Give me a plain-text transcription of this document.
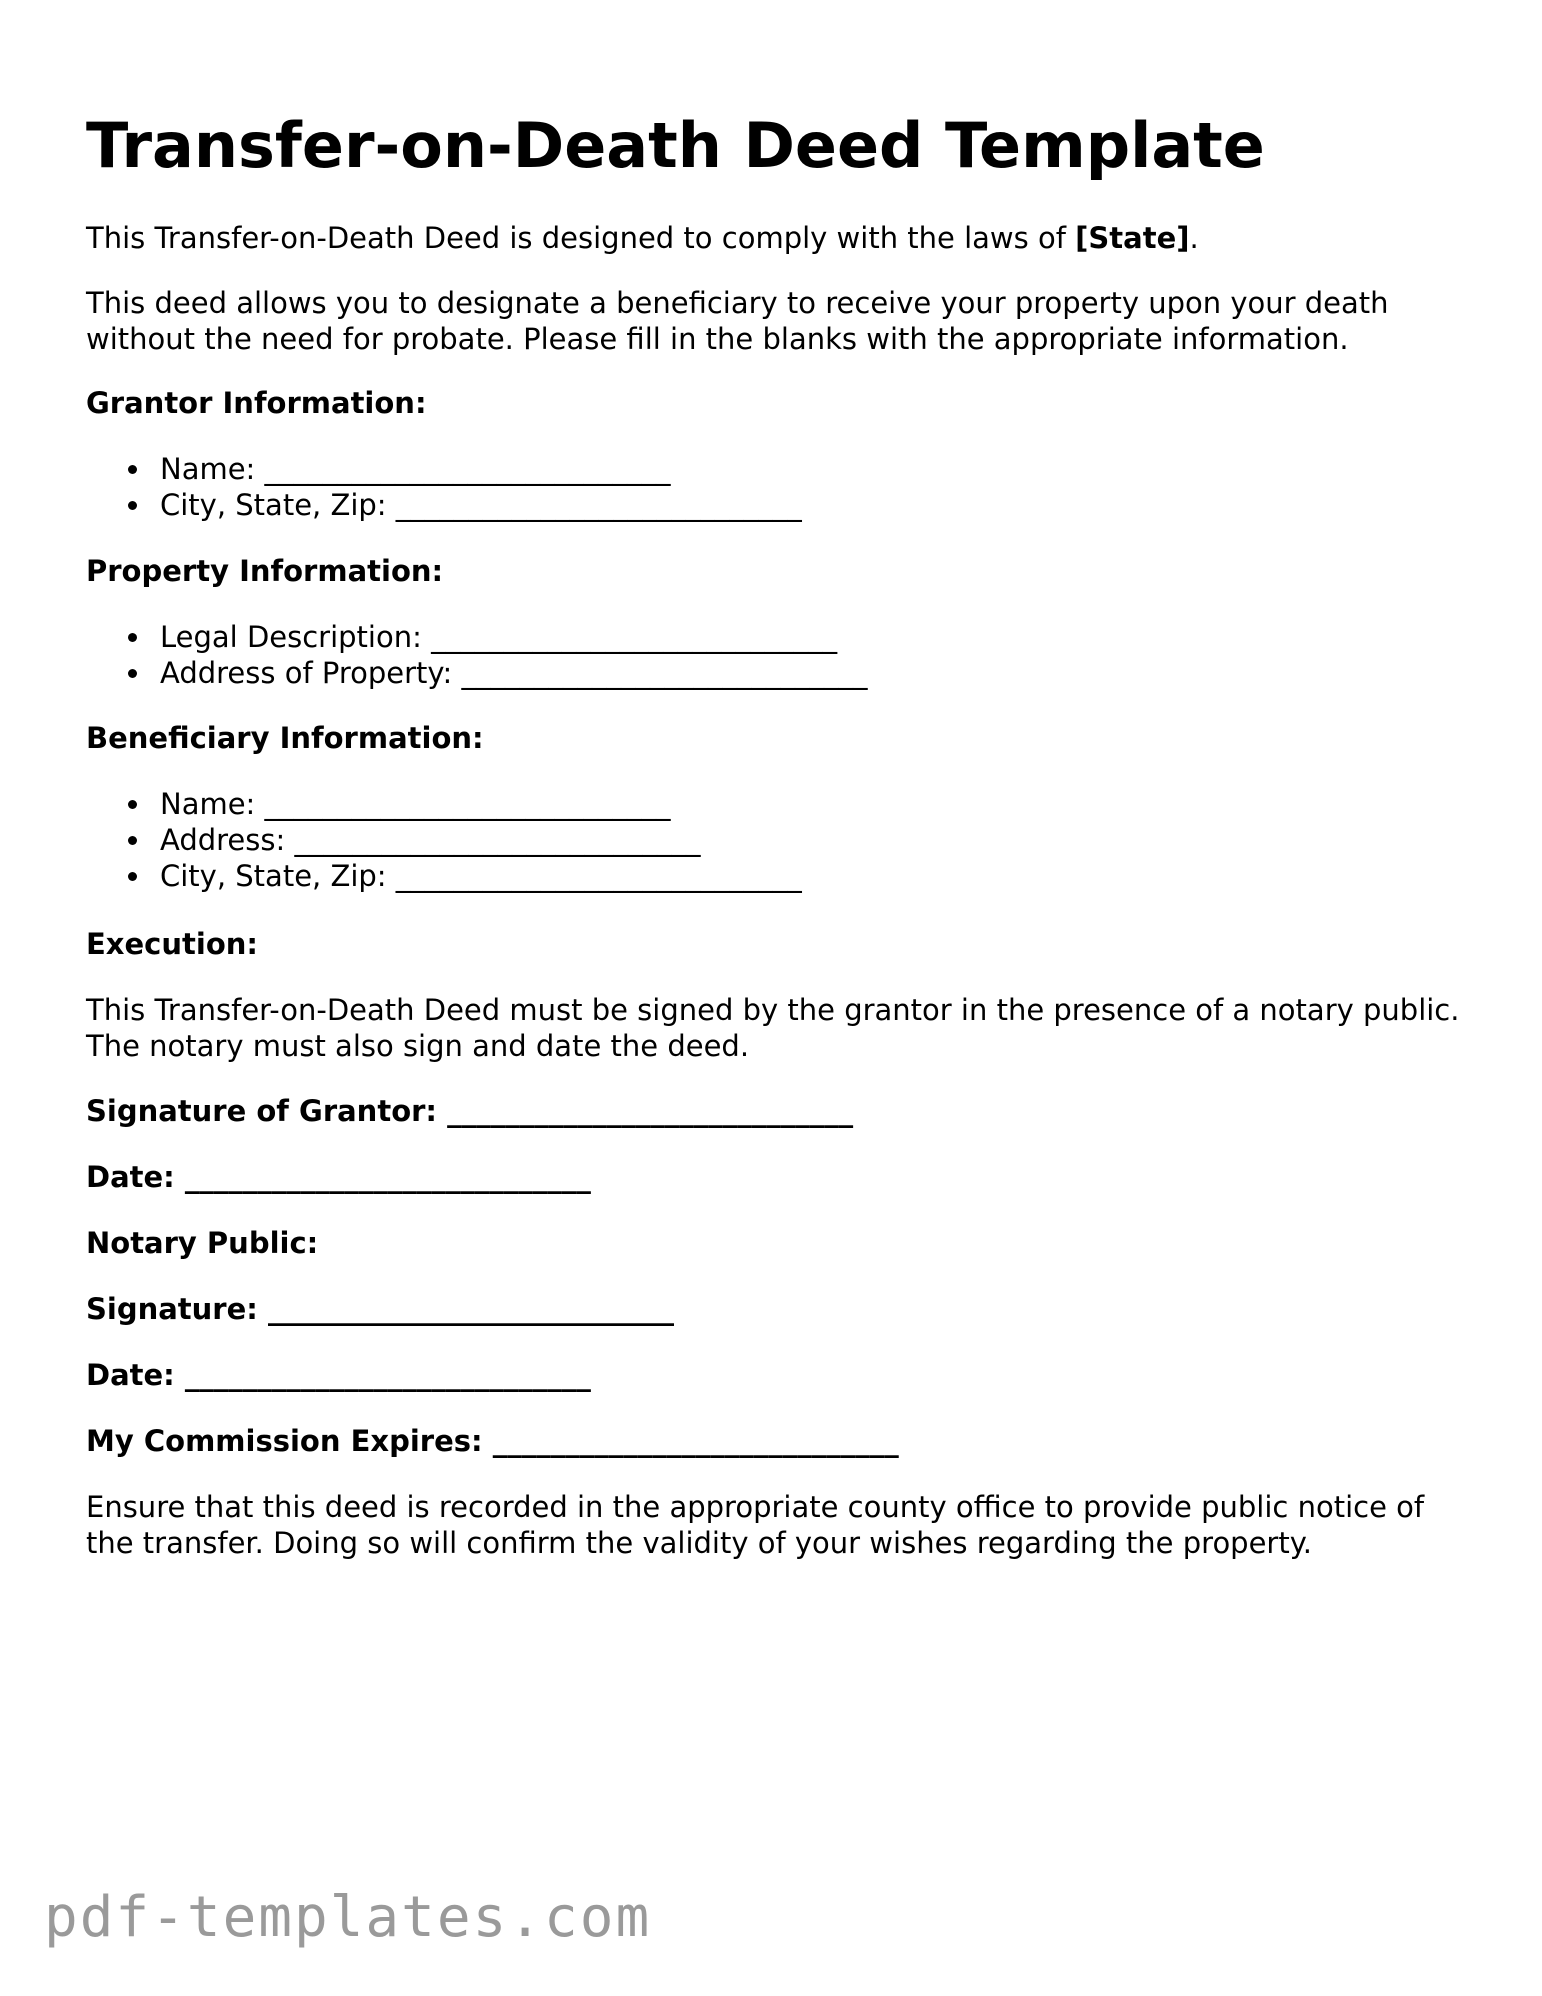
Transfer-on-Death Deed Template

This Transfer-on-Death Deed is designed to comply with the laws of [State].

This deed allows you to designate a beneficiary to receive your property upon your death without the need for probate. Please fill in the blanks with the appropriate information.

Grantor Information:

Name: ____________________________
City, State, Zip: ____________________________

Property Information:

Legal Description: ____________________________
Address of Property: ____________________________

Beneficiary Information:

Name: ____________________________
Address: ____________________________
City, State, Zip: ____________________________

Execution:

This Transfer-on-Death Deed must be signed by the grantor in the presence of a notary public. The notary must also sign and date the deed.

Signature of Grantor: ____________________________

Date: ____________________________

Notary Public:

Signature: ____________________________

Date: ____________________________

My Commission Expires: ____________________________

Ensure that this deed is recorded in the appropriate county office to provide public notice of the transfer. Doing so will confirm the validity of your wishes regarding the property.

pdf-templates.com
